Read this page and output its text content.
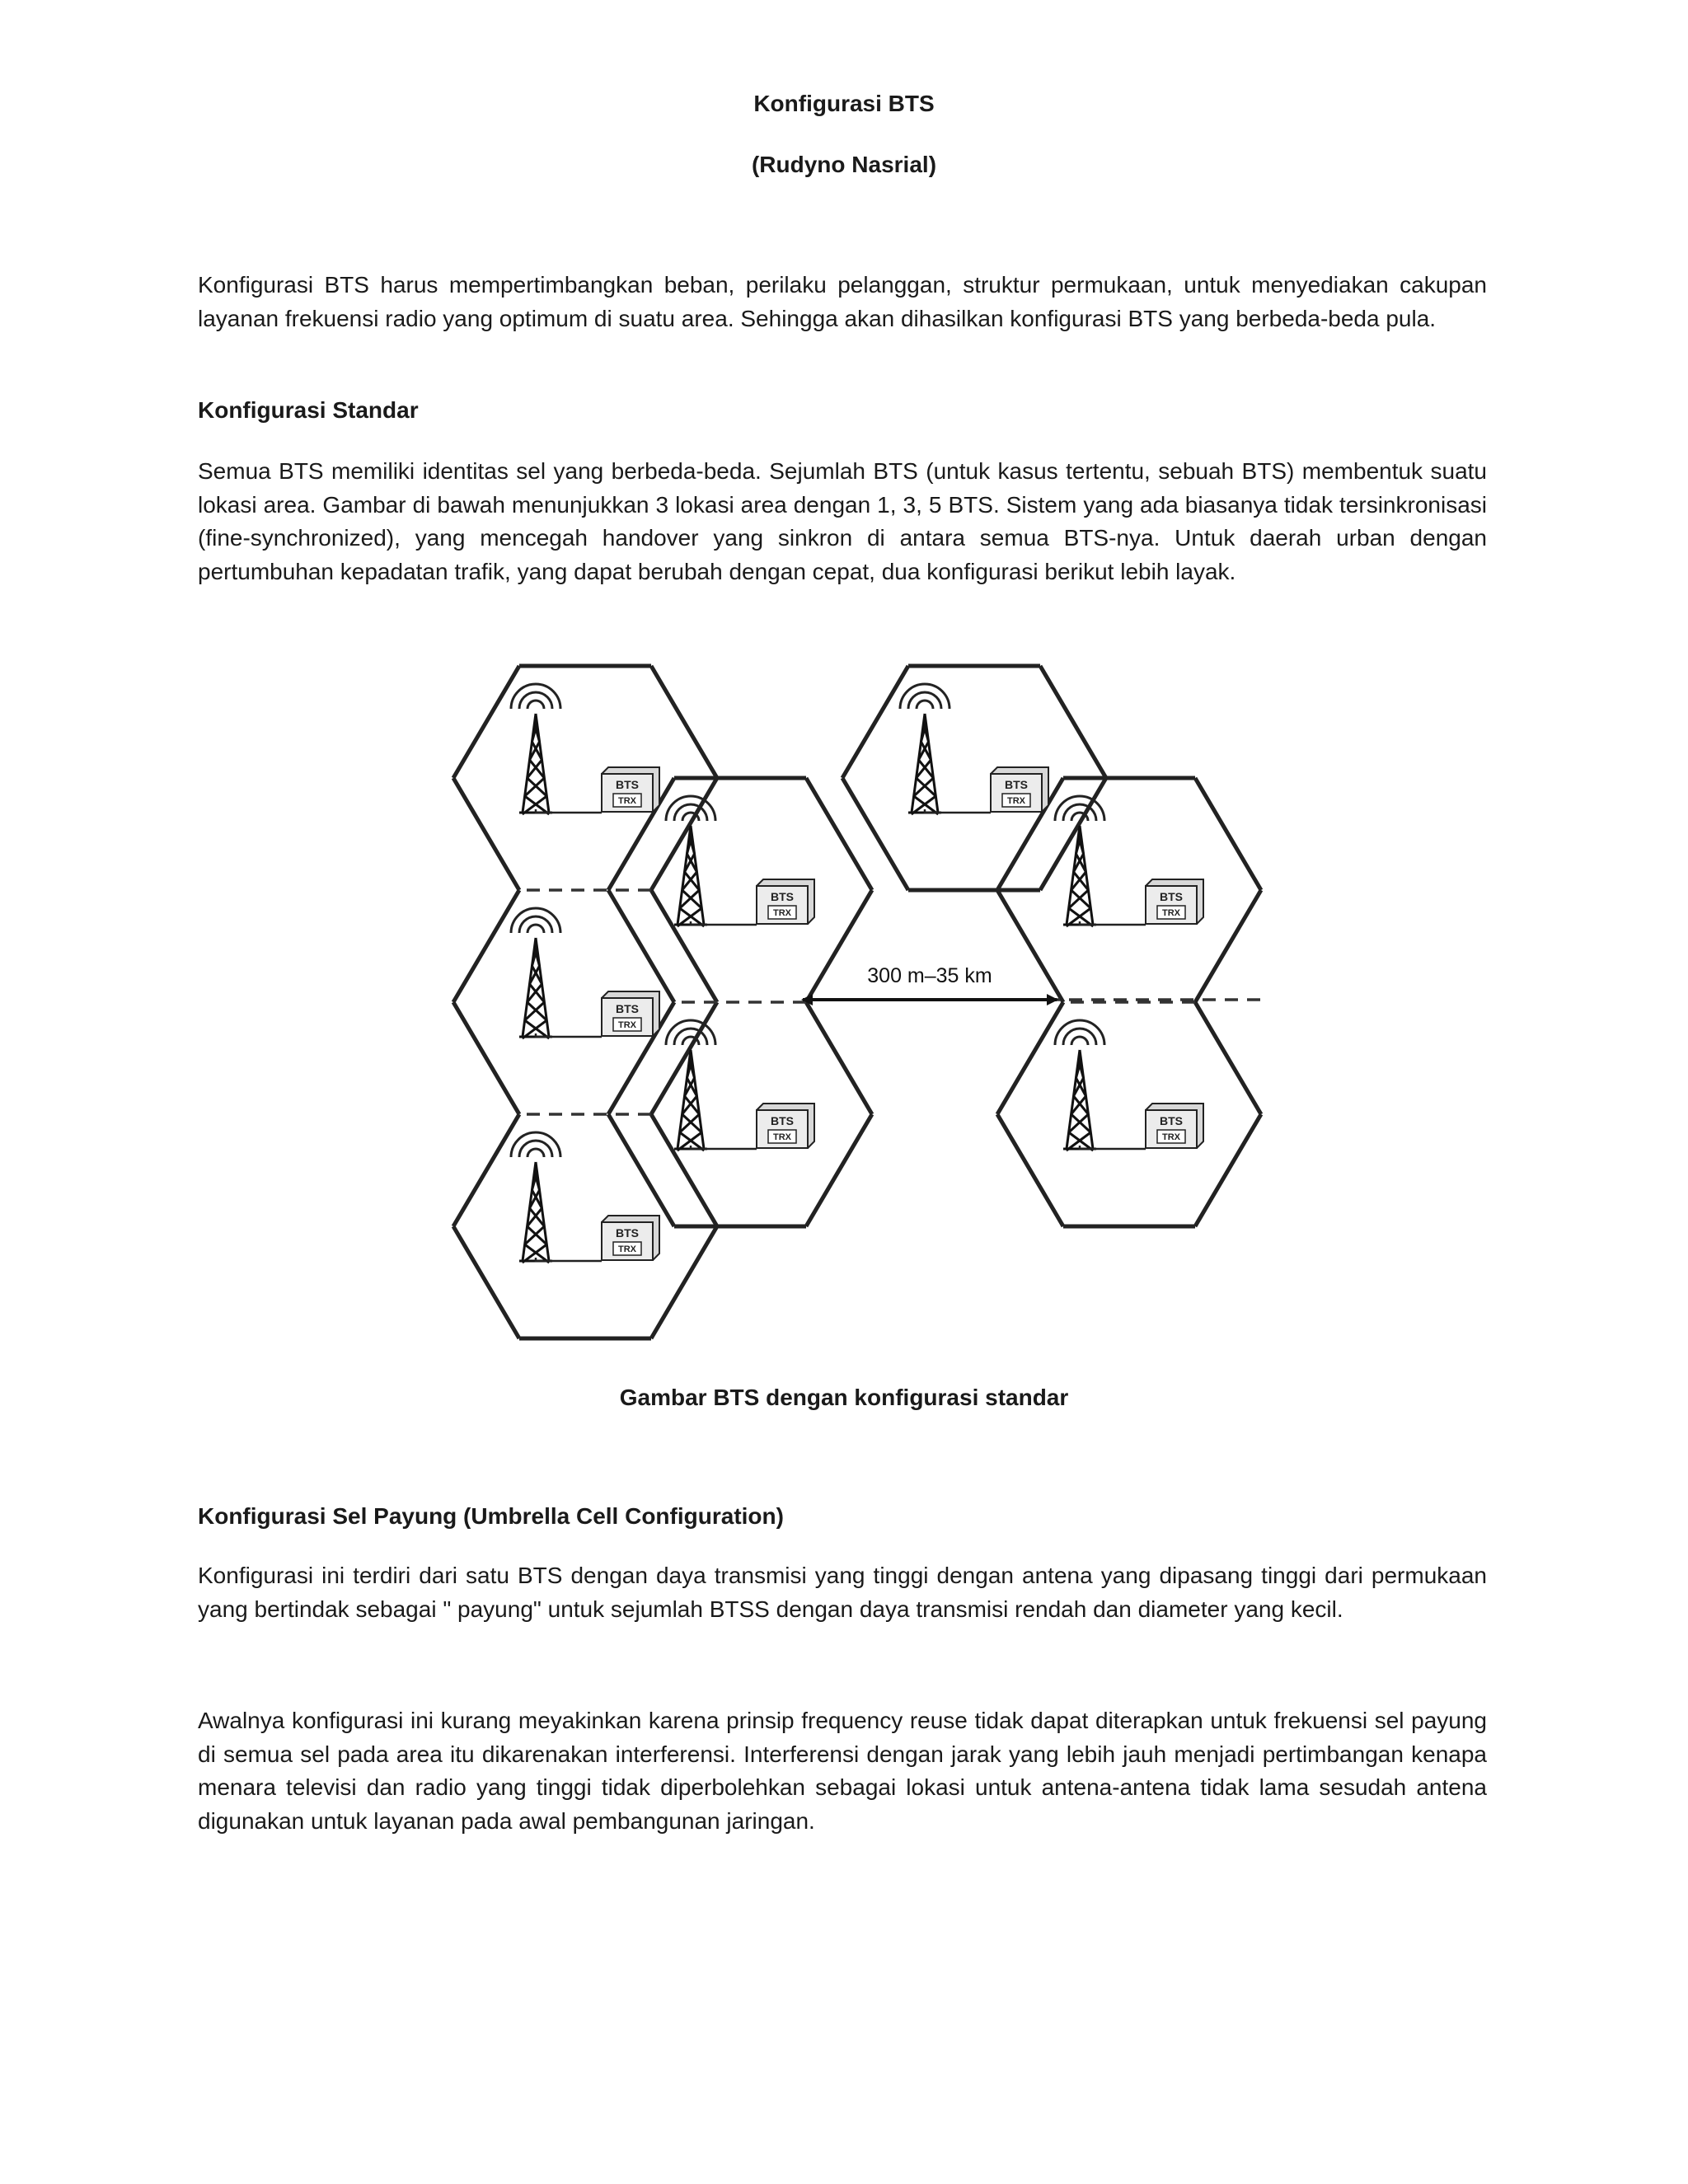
Konfigurasi BTS
(Rudyno Nasrial)
Konfigurasi BTS harus mempertimbangkan beban, perilaku pelanggan, struktur permukaan, untuk menyediakan cakupan layanan frekuensi radio yang optimum di suatu area. Sehingga akan dihasilkan konfigurasi BTS yang berbeda-beda pula.
Konfigurasi Standar
Semua BTS memiliki identitas sel yang berbeda-beda. Sejumlah BTS (untuk kasus tertentu, sebuah BTS) membentuk suatu lokasi area. Gambar di bawah menunjukkan 3 lokasi area dengan 1, 3, 5 BTS. Sistem yang ada biasanya tidak tersinkronisasi (fine-synchronized), yang mencegah handover yang sinkron di antara semua BTS-nya. Untuk daerah urban dengan pertumbuhan kepadatan trafik, yang dapat berubah dengan cepat, dua konfigurasi berikut lebih layak.
BTS
TRX
BTS
TRX
BTS
TRX
BTS
TRX
BTS
TRX
BTS
TRX
BTS
TRX
BTS
TRX
300 m–35 km
Gambar BTS dengan konfigurasi standar
Konfigurasi Sel Payung (Umbrella Cell Configuration)
Konfigurasi ini terdiri dari satu BTS dengan daya transmisi yang tinggi dengan antena yang dipasang tinggi dari permukaan yang bertindak sebagai " payung" untuk sejumlah BTSS dengan daya transmisi rendah dan diameter yang kecil.
Awalnya konfigurasi ini kurang meyakinkan karena prinsip frequency reuse tidak dapat diterapkan untuk frekuensi sel payung di semua sel pada area itu dikarenakan interferensi. Interferensi dengan jarak yang lebih jauh menjadi pertimbangan kenapa menara televisi dan radio yang tinggi tidak diperbolehkan sebagai lokasi untuk antena-antena tidak lama sesudah antena digunakan untuk layanan pada awal pembangunan jaringan.
